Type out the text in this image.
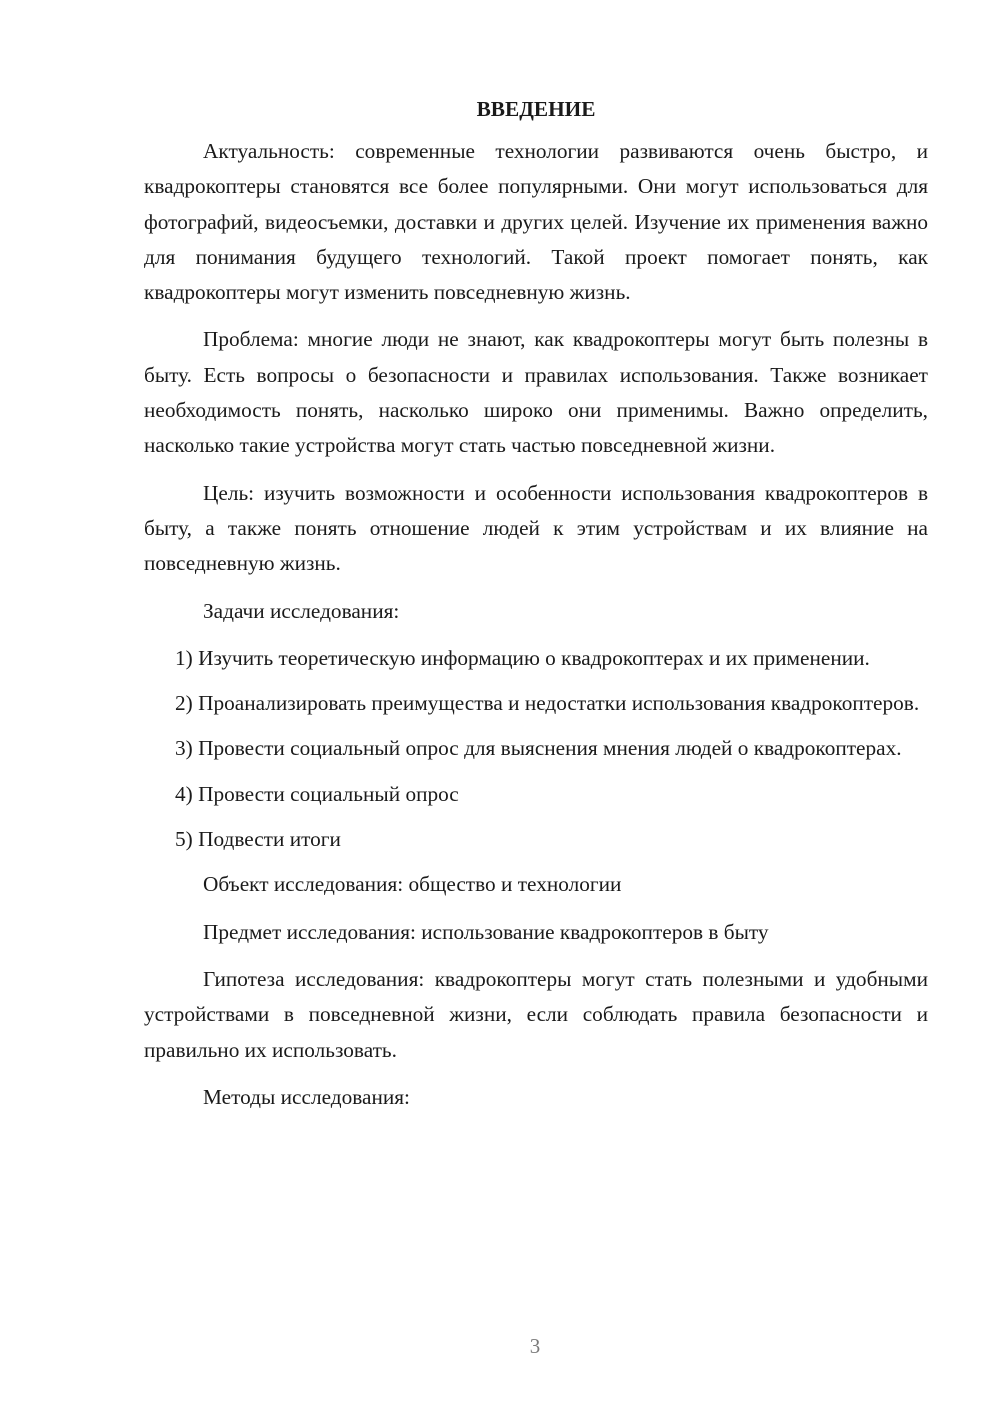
ВВЕДЕНИЕ

Актуальность: современные технологии развиваются очень быстро, и квадрокоптеры становятся все более популярными. Они могут использоваться для фотографий, видеосъемки, доставки и других целей. Изучение их применения важно для понимания будущего технологий. Такой проект помогает понять, как квадрокоптеры могут изменить повседневную жизнь.

Проблема: многие люди не знают, как квадрокоптеры могут быть полезны в быту. Есть вопросы о безопасности и правилах использования. Также возникает необходимость понять, насколько широко они применимы. Важно определить, насколько такие устройства могут стать частью повседневной жизни.

Цель: изучить возможности и особенности использования квадрокоптеров в быту, а также понять отношение людей к этим устройствам и их влияние на повседневную жизнь.

Задачи исследования:

1) Изучить теоретическую информацию о квадрокоптерах и их применении.

2) Проанализировать преимущества и недостатки использования квадрокоптеров.

3) Провести социальный опрос для выяснения мнения людей о квадрокоптерах.

4) Провести социальный опрос

5) Подвести итоги

Объект исследования: общество и технологии

Предмет исследования: использование квадрокоптеров в быту

Гипотеза исследования: квадрокоптеры могут стать полезными и удобными устройствами в повседневной жизни, если соблюдать правила безопасности и правильно их использовать.

Методы исследования:

3
